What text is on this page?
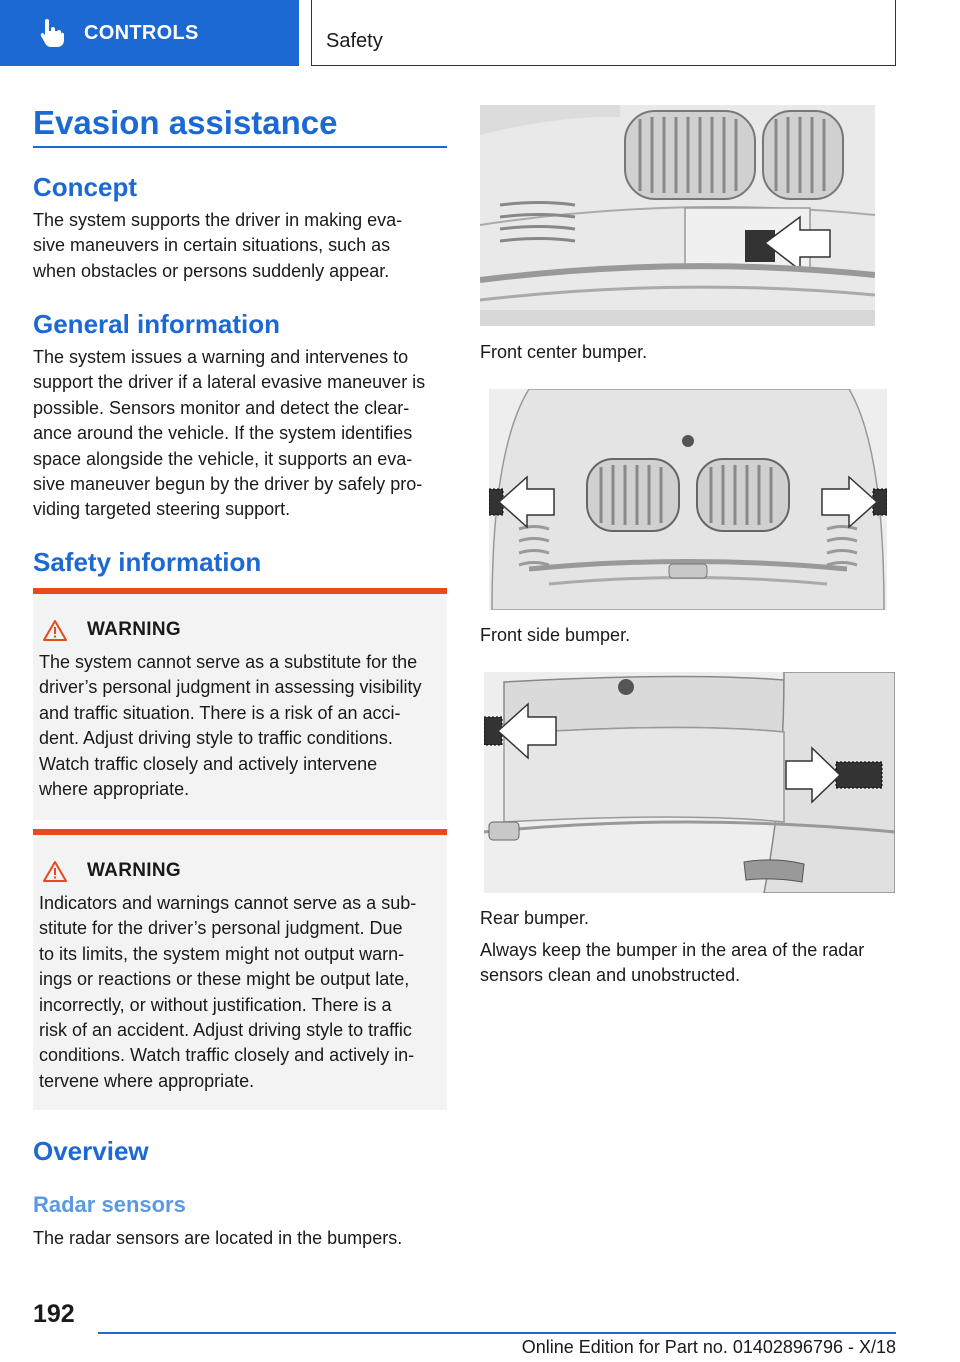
CONTROLS	Safety
Evasion assistance
Concept
The system supports the driver in making eva-
sive maneuvers in certain situations, such as
when obstacles or persons suddenly appear.
General information
The system issues a warning and intervenes to
support the driver if a lateral evasive maneuver is
possible. Sensors monitor and detect the clear-
ance around the vehicle. If the system identifies
space alongside the vehicle, it supports an eva-
sive maneuver begun by the driver by safely pro-
viding targeted steering support.
Safety information
WARNING
The system cannot serve as a substitute for the
driver’s personal judgment in assessing visibility
and traffic situation. There is a risk of an acci-
dent. Adjust driving style to traffic conditions.
Watch traffic closely and actively intervene
where appropriate.
WARNING
Indicators and warnings cannot serve as a sub-
stitute for the driver’s personal judgment. Due
to its limits, the system might not output warn-
ings or reactions or these might be output late,
incorrectly, or without justification. There is a
risk of an accident. Adjust driving style to traffic
conditions. Watch traffic closely and actively in-
tervene where appropriate.
Overview
Radar sensors
The radar sensors are located in the bumpers.
Front center bumper.
Front side bumper.
Rear bumper.
Always keep the bumper in the area of the radar
sensors clean and unobstructed.
192
Online Edition for Part no. 01402896796 - X/18
